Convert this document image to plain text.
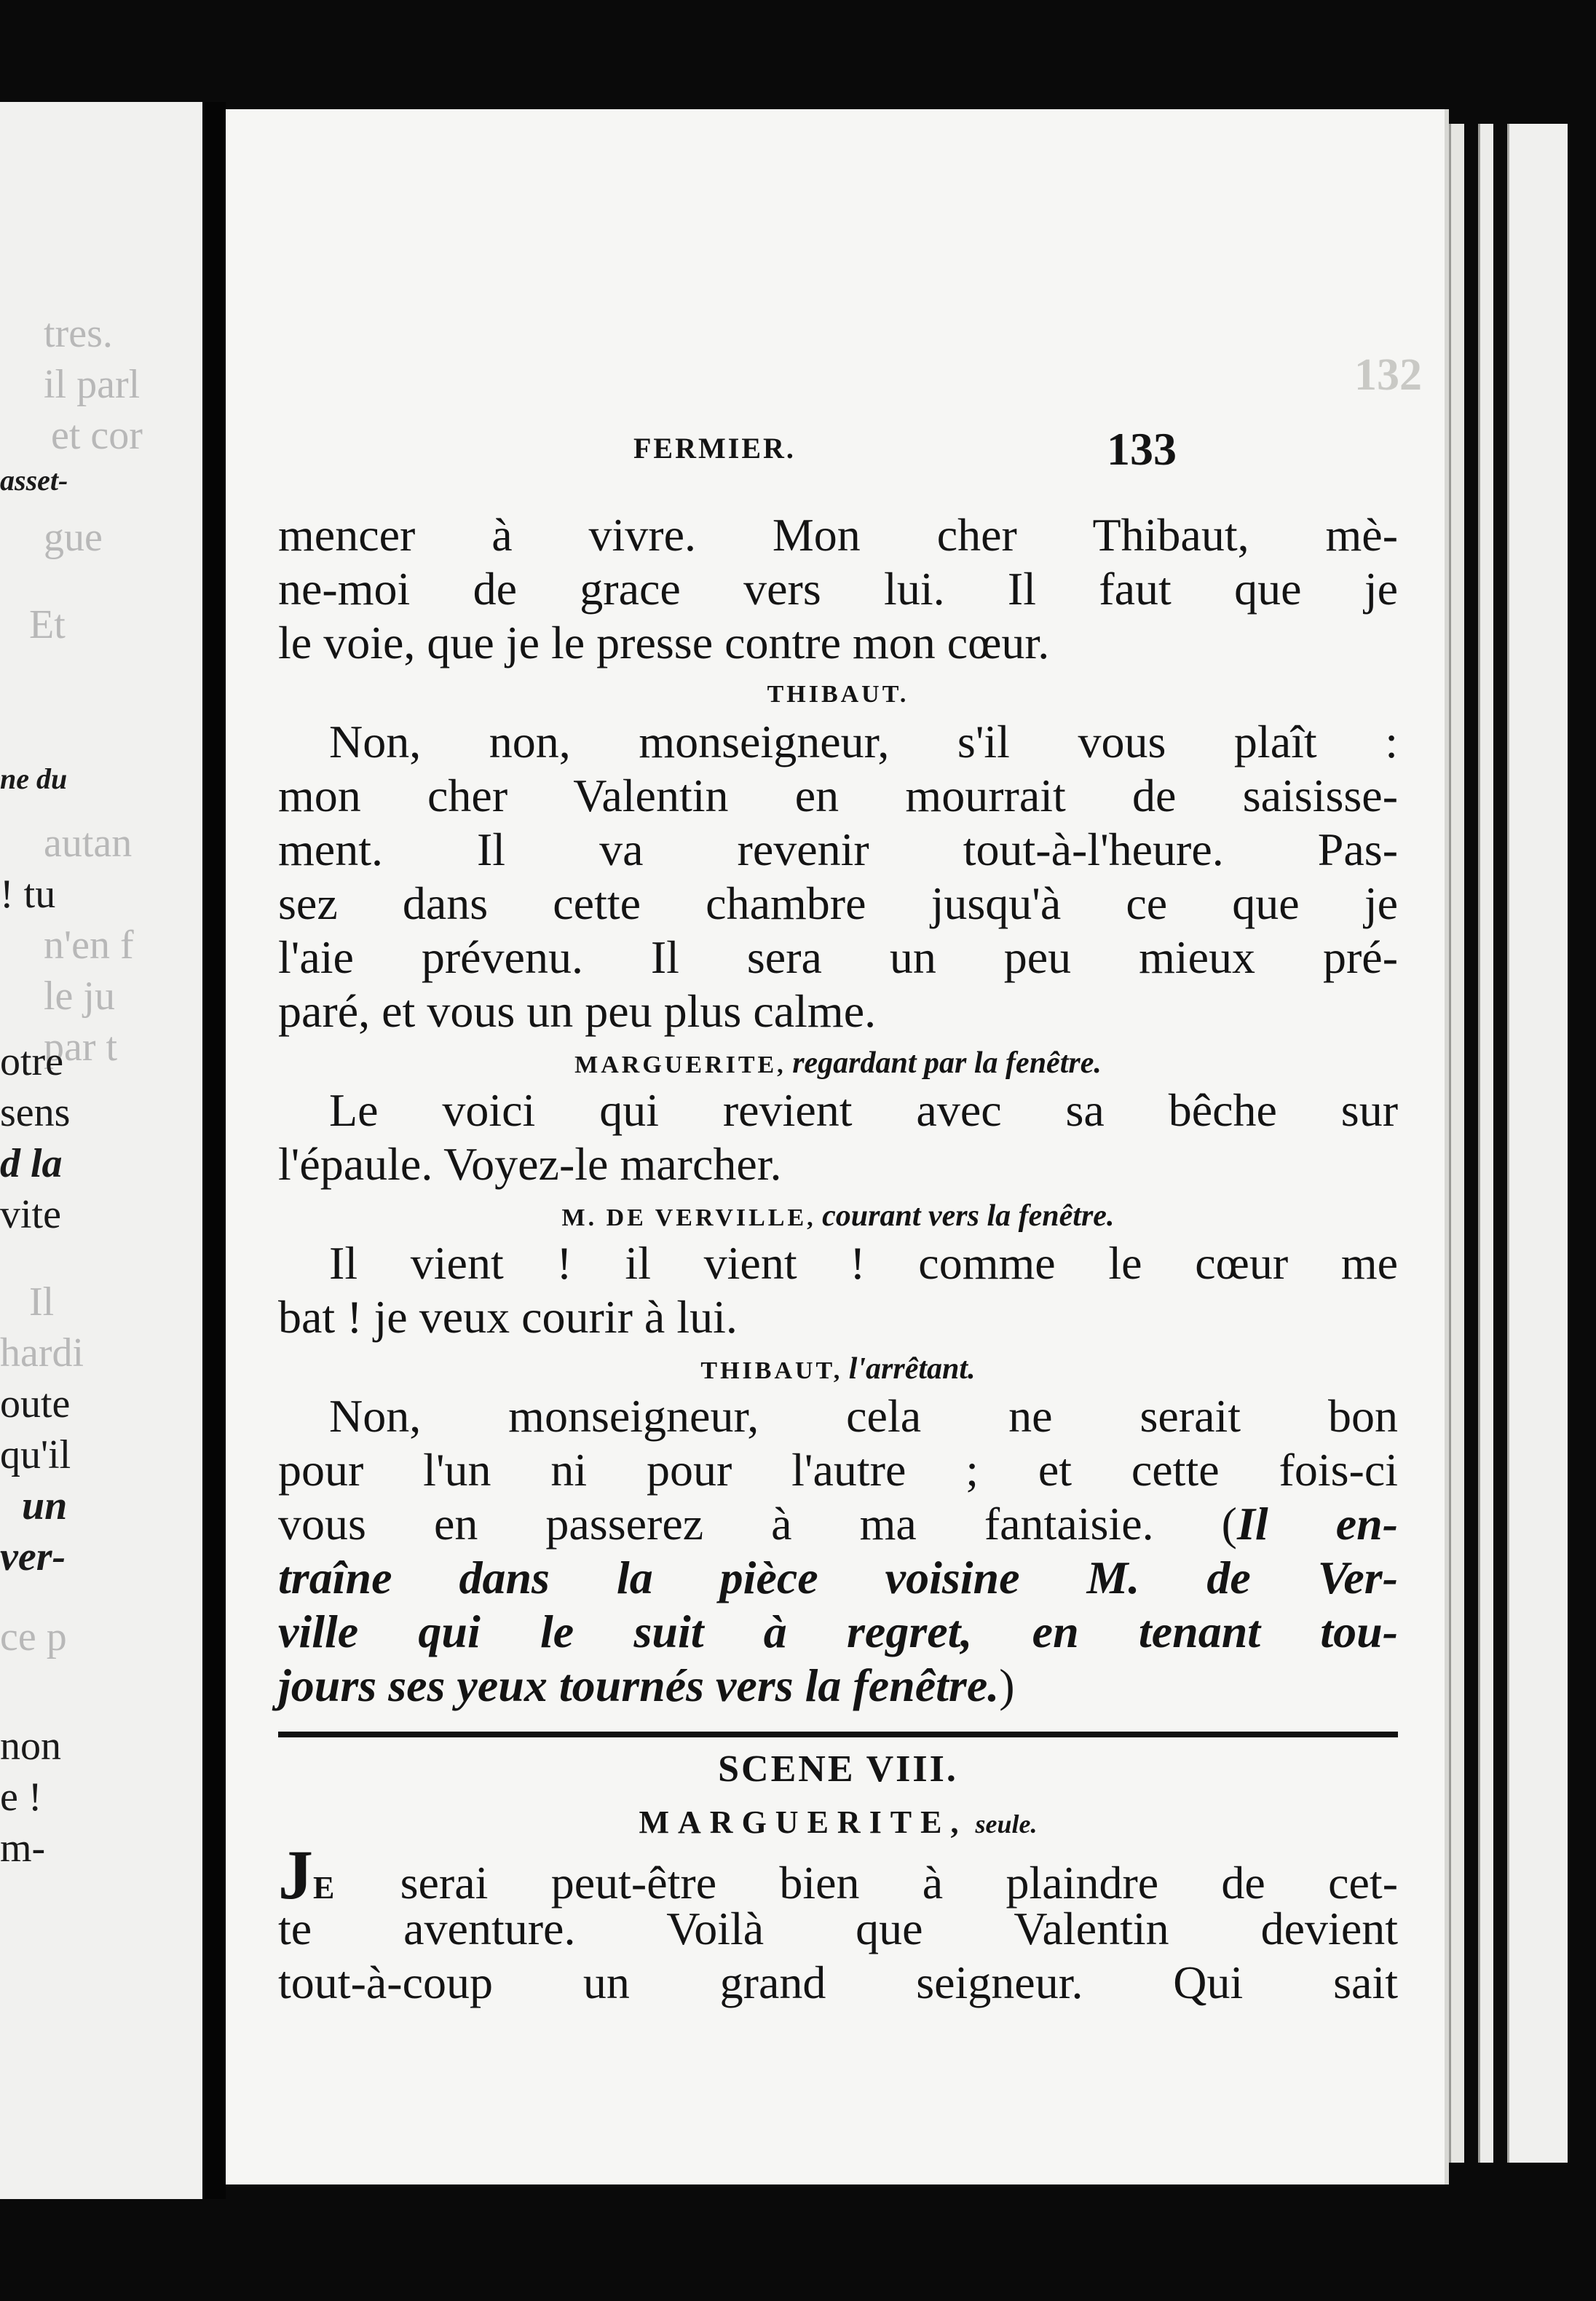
tres.
il parl
et cor
asset-
gue
Et
ne du
autan
! tu
n'en f
le ju
par t
otre
sens
d la
vite
Il
hardi
oute
qu'il
un
ver-
ce p
non
e !
m-
132
FERMIER.	133
mencer à vivre. Mon cher Thibaut, mè-
ne-moi de grace vers lui. Il faut que je
le voie, que je le presse contre mon cœur.
THIBAUT.
Non, non, monseigneur, s'il vous plaît :
mon cher Valentin en mourrait de saisisse-
ment. Il va revenir tout-à-l'heure. Pas-
sez dans cette chambre jusqu'à ce que je
l'aie prévenu. Il sera un peu mieux pré-
paré, et vous un peu plus calme.
MARGUERITE, regardant par la fenêtre.
Le voici qui revient avec sa bêche sur
l'épaule. Voyez-le marcher.
M. DE VERVILLE, courant vers la fenêtre.
Il vient ! il vient ! comme le cœur me
bat ! je veux courir à lui.
THIBAUT, l'arrêtant.
Non, monseigneur, cela ne serait bon
pour l'un ni pour l'autre ; et cette fois-ci
vous en passerez à ma fantaisie. (Il en-
traîne dans la pièce voisine M. de Ver-
ville qui le suit à regret, en tenant tou-
jours ses yeux tournés vers la fenêtre.)
SCENE VIII.
MARGUERITE, seule.
JE serai peut-être bien à plaindre de cet-
te aventure. Voilà que Valentin devient
tout-à-coup un grand seigneur. Qui sait
